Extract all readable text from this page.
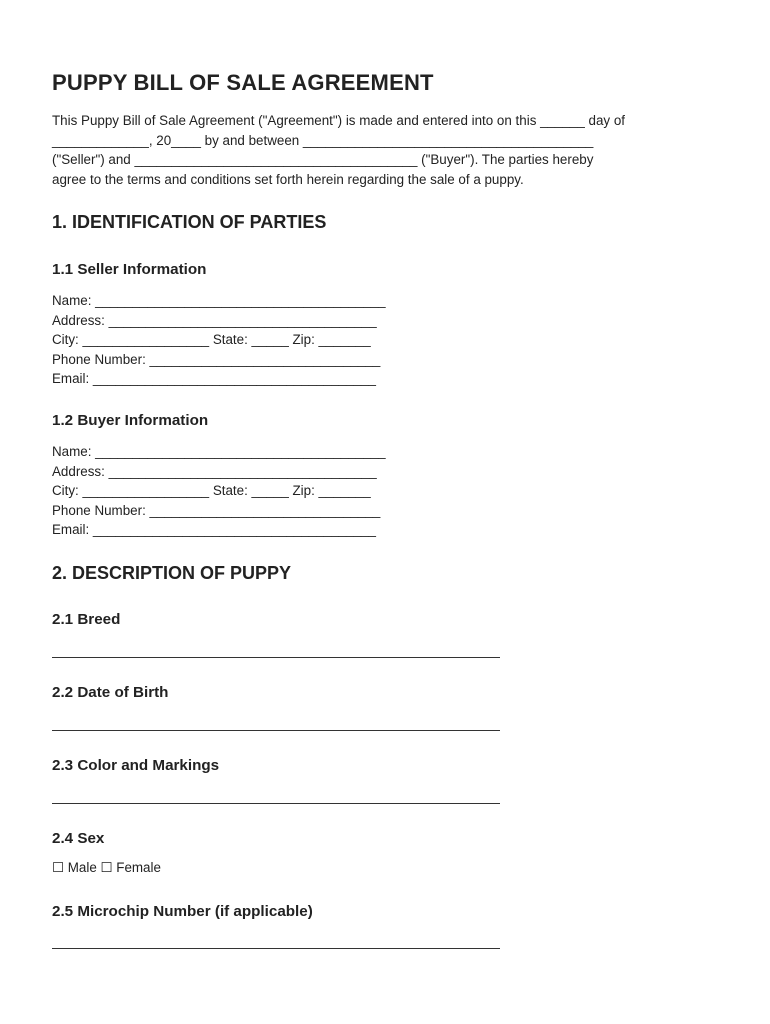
PUPPY BILL OF SALE AGREEMENT

This Puppy Bill of Sale Agreement ("Agreement") is made and entered into on this ______ day of
_____________, 20____ by and between _______________________________________
("Seller") and ______________________________________ ("Buyer"). The parties hereby
agree to the terms and conditions set forth herein regarding the sale of a puppy.

1. IDENTIFICATION OF PARTIES
1.1 Seller Information

Name: _______________________________________
Address: ____________________________________
City: _________________ State: _____ Zip: _______
Phone Number: _______________________________
Email: ______________________________________

1.2 Buyer Information

Name: _______________________________________
Address: ____________________________________
City: _________________ State: _____ Zip: _______
Phone Number: _______________________________
Email: ______________________________________

2. DESCRIPTION OF PUPPY
2.1 Breed
2.2 Date of Birth
2.3 Color and Markings
2.4 Sex
☐ Male ☐ Female
2.5 Microchip Number (if applicable)
